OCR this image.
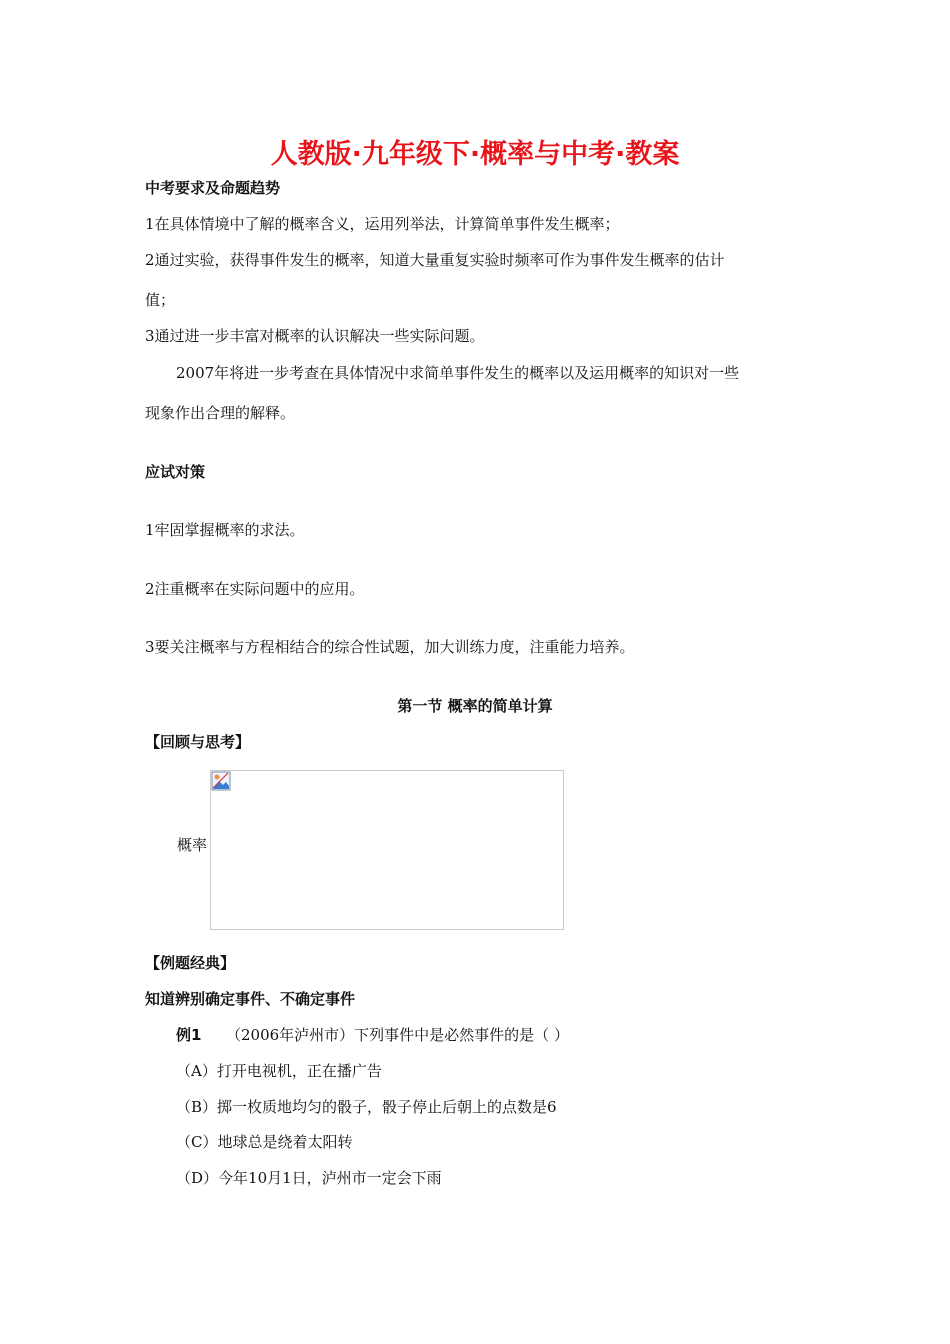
人教版·九年级下·概率与中考·教案
中考要求及命题趋势
1在具体情境中了解的概率含义，运用列举法，计算简单事件发生概率；
2通过实验，获得事件发生的概率，知道大量重复实验时频率可作为事件发生概率的估计
值；
3通过进一步丰富对概率的认识解决一些实际问题。
2007年将进一步考查在具体情况中求简单事件发生的概率以及运用概率的知识对一些
现象作出合理的解释。
应试对策
1牢固掌握概率的求法。
2注重概率在实际问题中的应用。
3要关注概率与方程相结合的综合性试题，加大训练力度，注重能力培养。
第一节 概率的简单计算
【回顾与思考】
概率
【例题经典】
知道辨别确定事件、不确定事件
例1 （2006年泸州市）下列事件中是必然事件的是（ ）
（A）打开电视机，正在播广告
（B）掷一枚质地均匀的骰子，骰子停止后朝上的点数是6
（C）地球总是绕着太阳转
（D）今年10月1日，泸州市一定会下雨
